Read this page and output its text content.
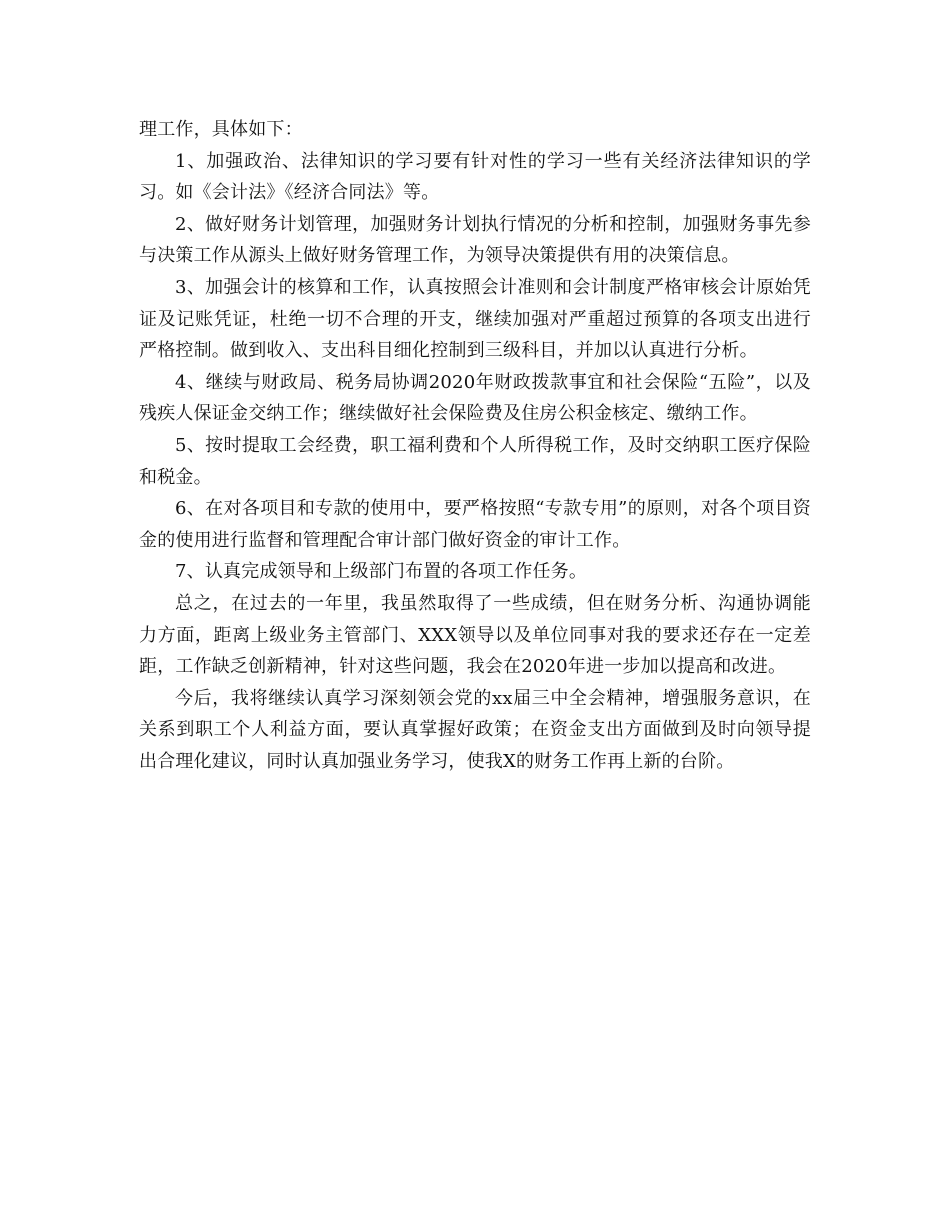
理工作，具体如下：

1、加强政治、法律知识的学习要有针对性的学习一些有关经济法律知识的学习。如《会计法》《经济合同法》等。

2、做好财务计划管理，加强财务计划执行情况的分析和控制，加强财务事先参与决策工作从源头上做好财务管理工作，为领导决策提供有用的决策信息。

3、加强会计的核算和工作，认真按照会计准则和会计制度严格审核会计原始凭证及记账凭证，杜绝一切不合理的开支，继续加强对严重超过预算的各项支出进行严格控制。做到收入、支出科目细化控制到三级科目，并加以认真进行分析。

4、继续与财政局、税务局协调2020年财政拨款事宜和社会保险“五险”，以及残疾人保证金交纳工作；继续做好社会保险费及住房公积金核定、缴纳工作。

5、按时提取工会经费，职工福利费和个人所得税工作，及时交纳职工医疗保险和税金。

6、在对各项目和专款的使用中，要严格按照“专款专用”的原则，对各个项目资金的使用进行监督和管理配合审计部门做好资金的审计工作。

7、认真完成领导和上级部门布置的各项工作任务。

总之，在过去的一年里，我虽然取得了一些成绩，但在财务分析、沟通协调能力方面，距离上级业务主管部门、XXX领导以及单位同事对我的要求还存在一定差距，工作缺乏创新精神，针对这些问题，我会在2020年进一步加以提高和改进。

今后，我将继续认真学习深刻领会党的xx届三中全会精神，增强服务意识，在关系到职工个人利益方面，要认真掌握好政策；在资金支出方面做到及时向领导提出合理化建议，同时认真加强业务学习，使我X的财务工作再上新的台阶。
